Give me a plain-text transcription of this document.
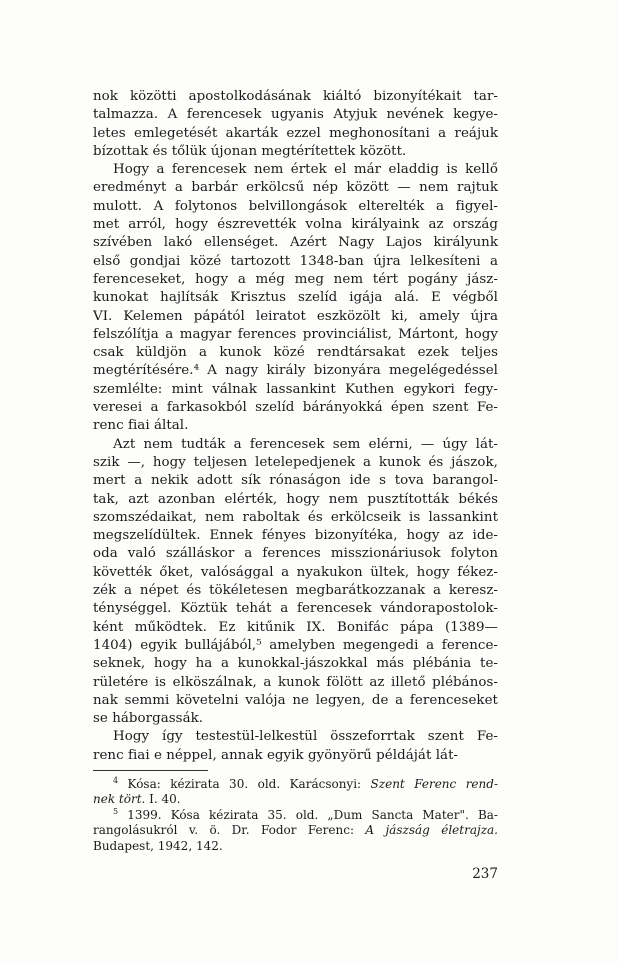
nok közötti apostolkodásának kiáltó bizonyítékait tar-
talmazza. A ferencesek ugyanis Atyjuk nevének kegye-
letes emlegetését akarták ezzel meghonosítani a reájuk
bízottak és tőlük újonan megtérítettek között.

Hogy a ferencesek nem értek el már eladdig is kellő
eredményt a barbár erkölcsű nép között — nem rajtuk
mulott. A folytonos belvillongások elterelték a figyel-
met arról, hogy észrevették volna királyaink az ország
szívében lakó ellenséget. Azért Nagy Lajos királyunk
első gondjai közé tartozott 1348-ban újra lelkesíteni a
ferenceseket, hogy a még meg nem tért pogány jász-
kunokat hajlítsák Krisztus szelíd igája alá. E végből
VI. Kelemen pápától leiratot eszközölt ki, amely újra
felszólítja a magyar ferences provinciálist, Mártont, hogy
csak küldjön a kunok közé rendtársakat ezek teljes
megtérítésére.⁴ A nagy király bizonyára megelégedéssel
szemlélte: mint válnak lassankint Kuthen egykori fegy-
veresei a farkasokból szelíd bárányokká épen szent Fe-
renc fiai által.

Azt nem tudták a ferencesek sem elérni, — úgy lát-
szik —, hogy teljesen letelepedjenek a kunok és jászok,
mert a nekik adott sík rónaságon ide s tova barangol-
tak, azt azonban elérték, hogy nem pusztították békés
szomszédaikat, nem raboltak és erkölcseik is lassankint
megszelídültek. Ennek fényes bizonyítéka, hogy az ide-
oda való szálláskor a ferences misszionáriusok folyton
követték őket, valósággal a nyakukon ültek, hogy fékez-
zék a népet és tökéletesen megbarátkozzanak a keresz-
ténységgel. Köztük tehát a ferencesek vándorapostolok-
ként működtek. Ez kitűnik IX. Bonifác pápa (1389—
1404) egyik bullájából,⁵ amelyben megengedi a ference-
seknek, hogy ha a kunokkal-jászokkal más plébánia te-
rületére is elköszálnak, a kunok fölött az illető plébános-
nak semmi követelni valója ne legyen, de a ferenceseket
se háborgassák.

Hogy így testestül-lelkestül összeforrtak szent Fe-
renc fiai e néppel, annak egyik gyönyörű példáját lát-

$^4$ Kósa: kézirata 30. old. Karácsonyi: Szent Ferenc rend-
nek tört. I. 40.
$^5$ 1399. Kósa kézirata 35. old. „Dum Sancta Mater". Ba-
rangolásukról v. ö. Dr. Fodor Ferenc: A jászság életrajza.
Budapest, 1942, 142.
237
